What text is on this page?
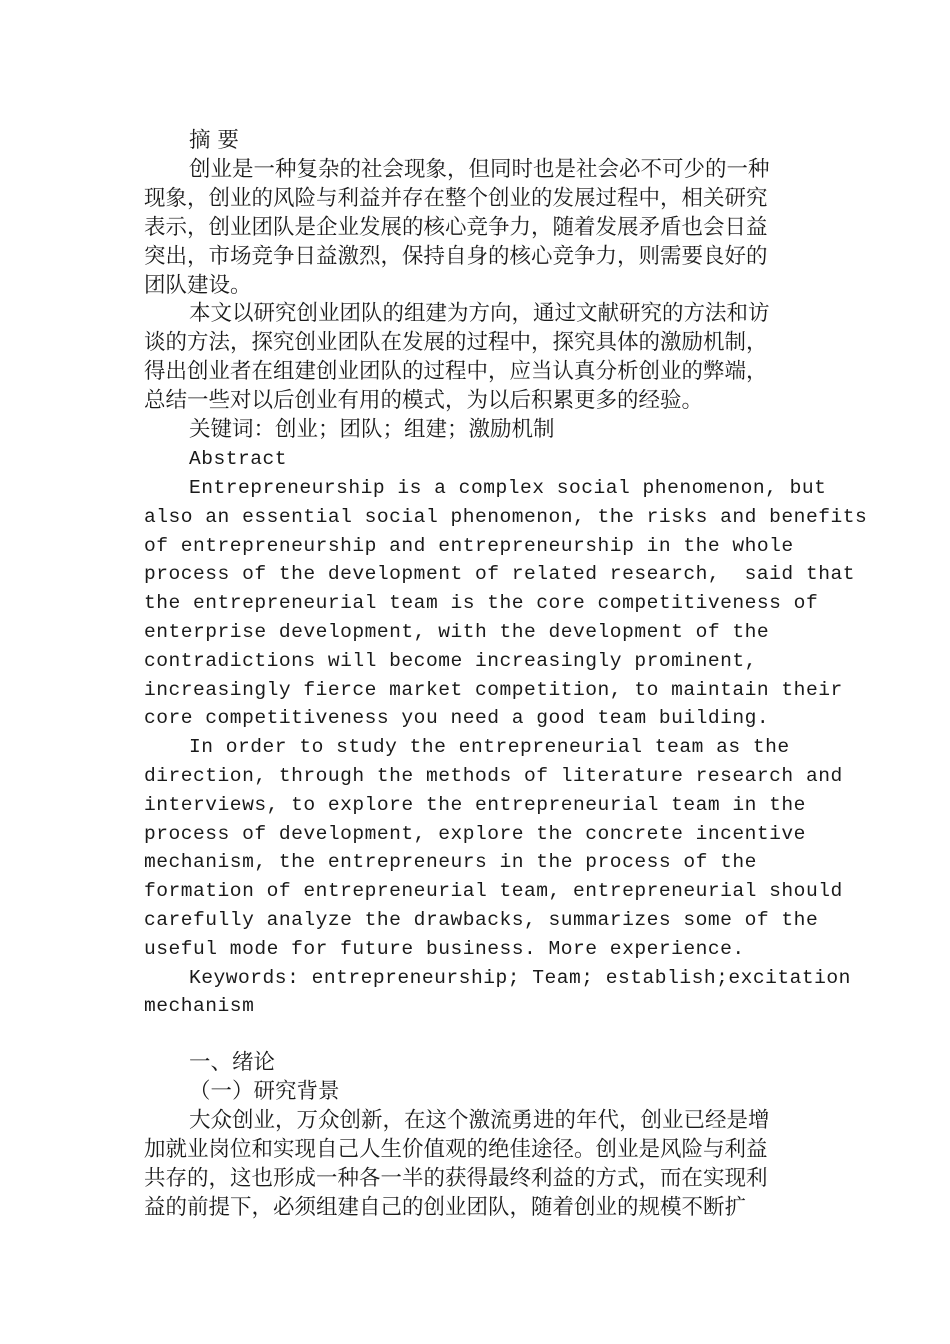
摘 要
创业是一种复杂的社会现象，但同时也是社会必不可少的一种
现象，创业的风险与利益并存在整个创业的发展过程中，相关研究
表示，创业团队是企业发展的核心竞争力，随着发展矛盾也会日益
突出，市场竞争日益激烈，保持自身的核心竞争力，则需要良好的
团队建设。
本文以研究创业团队的组建为方向，通过文献研究的方法和访
谈的方法，探究创业团队在发展的过程中，探究具体的激励机制，
得出创业者在组建创业团队的过程中，应当认真分析创业的弊端，
总结一些对以后创业有用的模式，为以后积累更多的经验。
关键词：创业；团队；组建；激励机制
Abstract
Entrepreneurship is a complex social phenomenon, but
also an essential social phenomenon, the risks and benefits
of entrepreneurship and entrepreneurship in the whole
process of the development of related research,  said that
the entrepreneurial team is the core competitiveness of
enterprise development, with the development of the
contradictions will become increasingly prominent,
increasingly fierce market competition, to maintain their
core competitiveness you need a good team building.
In order to study the entrepreneurial team as the
direction, through the methods of literature research and
interviews, to explore the entrepreneurial team in the
process of development, explore the concrete incentive
mechanism, the entrepreneurs in the process of the
formation of entrepreneurial team, entrepreneurial should
carefully analyze the drawbacks, summarizes some of the
useful mode for future business. More experience.
Keywords: entrepreneurship; Team; establish;excitation
mechanism
一、绪论
（一）研究背景
大众创业，万众创新，在这个激流勇进的年代，创业已经是增
加就业岗位和实现自己人生价值观的绝佳途径。创业是风险与利益
共存的，这也形成一种各一半的获得最终利益的方式，而在实现利
益的前提下，必须组建自己的创业团队，随着创业的规模不断扩
